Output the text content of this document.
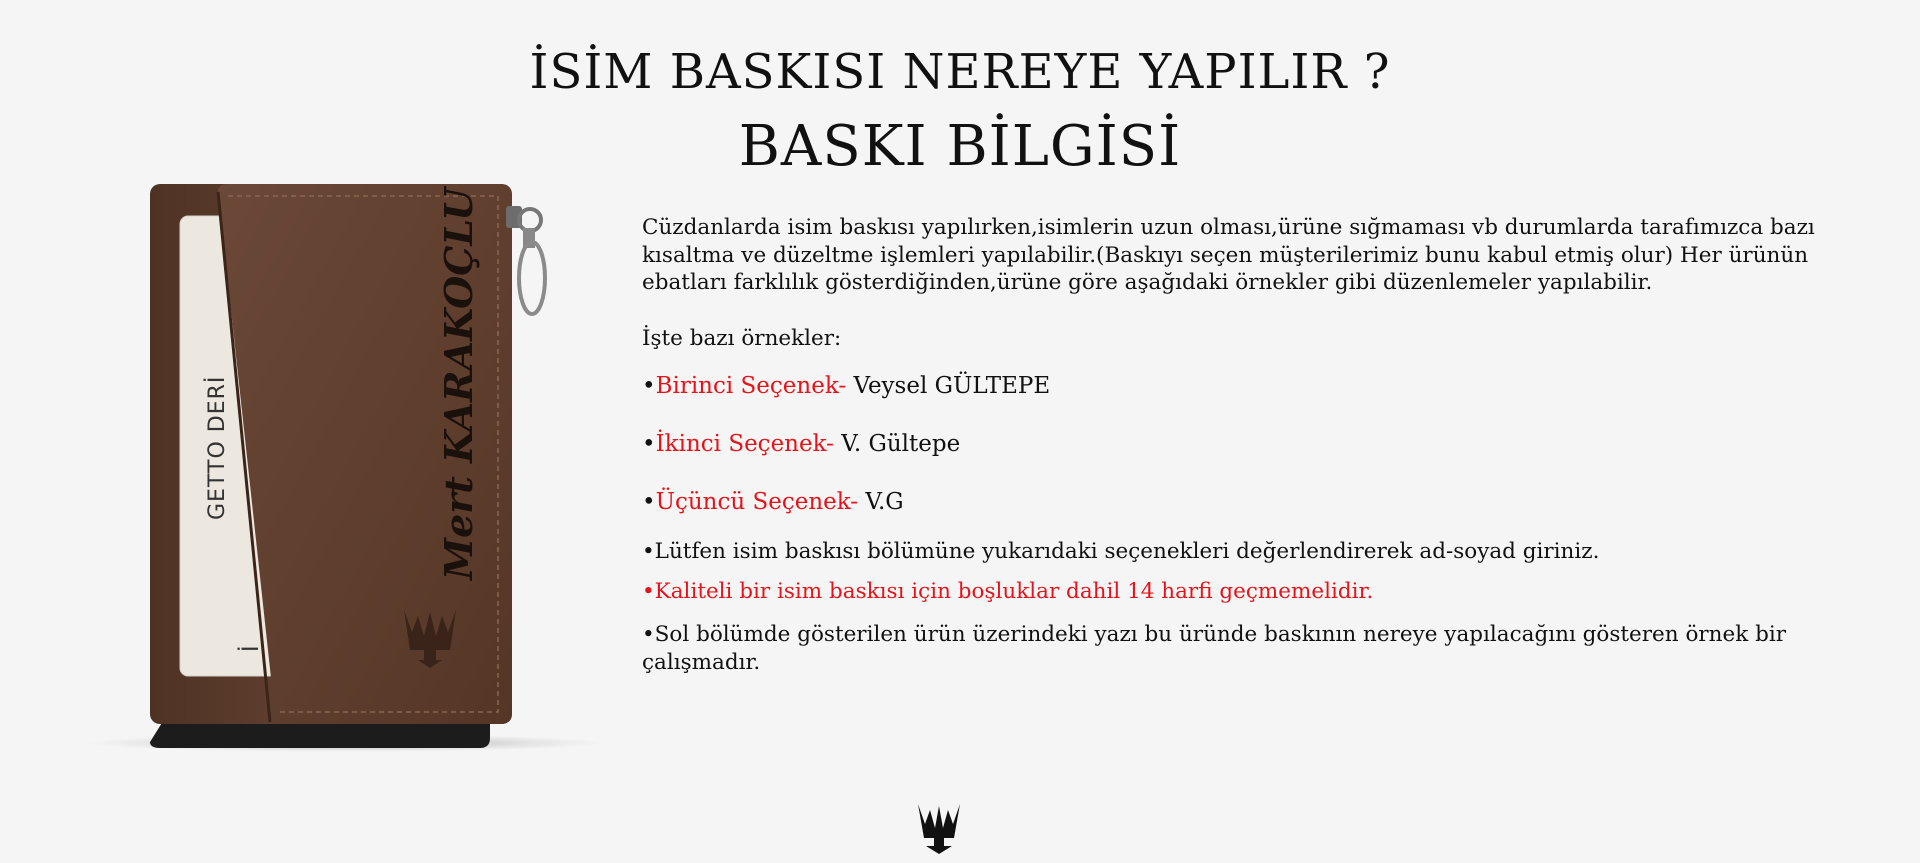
İSİM BASKISI NEREYE YAPILIR ?
BASKI BİLGİSİ
GETTO DERİ
İ
Mert KARAKOÇLU	Cüzdanlarda isim baskısı yapılırken,isimlerin uzun olması,ürüne sığmaması vb durumlarda tarafımızca bazı kısaltma ve düzeltme işlemleri yapılabilir.(Baskıyı seçen müşterilerimiz bunu kabul etmiş olur) Her ürünün ebatları farklılık gösterdiğinden,ürüne göre aşağıdaki örnekler gibi düzenlemeler yapılabilir.

İşte bazı örnekler:

•Birinci Seçenek- Veysel GÜLTEPE
•İkinci Seçenek- V. Gültepe
•Üçüncü Seçenek- V.G

•Lütfen isim baskısı bölümüne yukarıdaki seçenekleri değerlendirerek ad-soyad giriniz.

•Kaliteli bir isim baskısı için boşluklar dahil 14 harfi geçmemelidir.

•Sol bölümde gösterilen ürün üzerindeki yazı bu üründe baskının nereye yapılacağını gösteren örnek bir çalışmadır.
